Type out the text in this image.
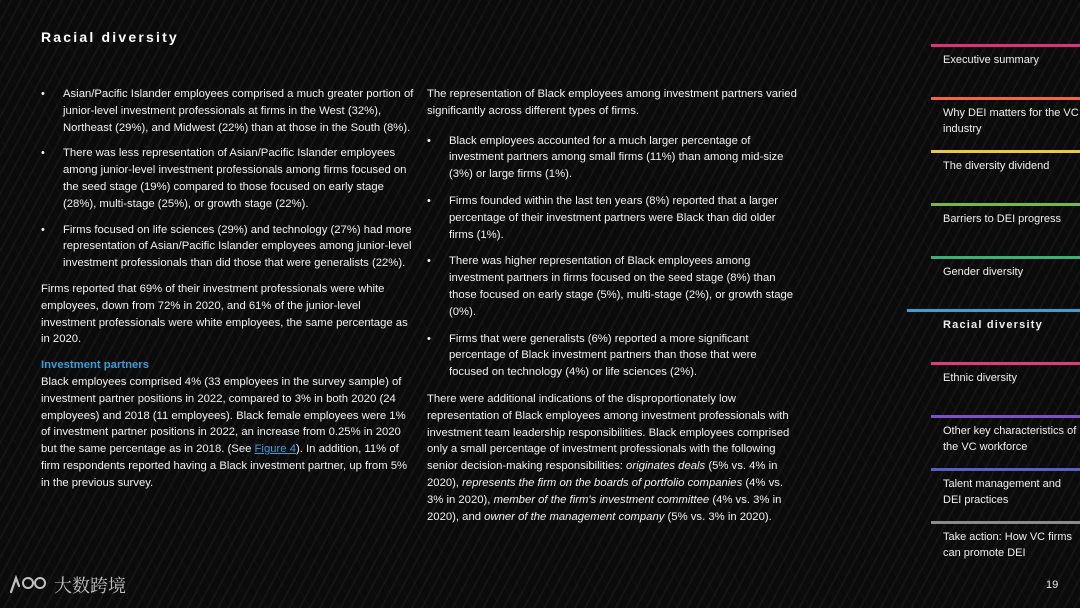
Racial diversity
• Asian/Pacific Islander employees comprised a much greater portion of junior-level investment professionals at firms in the West (32%), Northeast (29%), and Midwest (22%) than at those in the South (8%).
• There was less representation of Asian/Pacific Islander employees among junior-level investment professionals among firms focused on the seed stage (19%) compared to those focused on early stage (28%), multi-stage (25%), or growth stage (22%).
• Firms focused on life sciences (29%) and technology (27%) had more representation of Asian/Pacific Islander employees among junior-level investment professionals than did those that were generalists (22%).

Firms reported that 69% of their investment professionals were white employees, down from 72% in 2020, and 61% of the junior-level investment professionals were white employees, the same percentage as in 2020.

Investment partners

Black employees comprised 4% (33 employees in the survey sample) of investment partner positions in 2022, compared to 3% in both 2020 (24 employees) and 2018 (11 employees). Black female employees were 1% of investment partner positions in 2022, an increase from 0.25% in 2020 but the same percentage as in 2018. (See Figure 4). In addition, 11% of firm respondents reported having a Black investment partner, up from 5% in the previous survey.

The representation of Black employees among investment partners varied significantly across different types of firms.

• Black employees accounted for a much larger percentage of investment partners among small firms (11%) than among mid-size (3%) or large firms (1%).
• Firms founded within the last ten years (8%) reported that a larger percentage of their investment partners were Black than did older firms (1%).
• There was higher representation of Black employees among investment partners in firms focused on the seed stage (8%) than those focused on early stage (5%), multi-stage (2%), or growth stage (0%).
• Firms that were generalists (6%) reported a more significant percentage of Black investment partners than those that were focused on technology (4%) or life sciences (2%).

There were additional indications of the disproportionately low representation of Black employees among investment professionals with investment team leadership responsibilities. Black employees comprised only a small percentage of investment professionals with the following senior decision-making responsibilities: originates deals (5% vs. 4% in 2020), represents the firm on the boards of portfolio companies (4% vs. 3% in 2020), member of the firm's investment committee (4% vs. 3% in 2020), and owner of the management company (5% vs. 3% in 2020).

Executive summary
Why DEI matters for the VC industry
The diversity dividend
Barriers to DEI progress
Gender diversity
Racial diversity
Ethnic diversity
Other key characteristics of the VC workforce
Talent management and DEI practices
Take action: How VC firms can promote DEI
19
大数跨境
